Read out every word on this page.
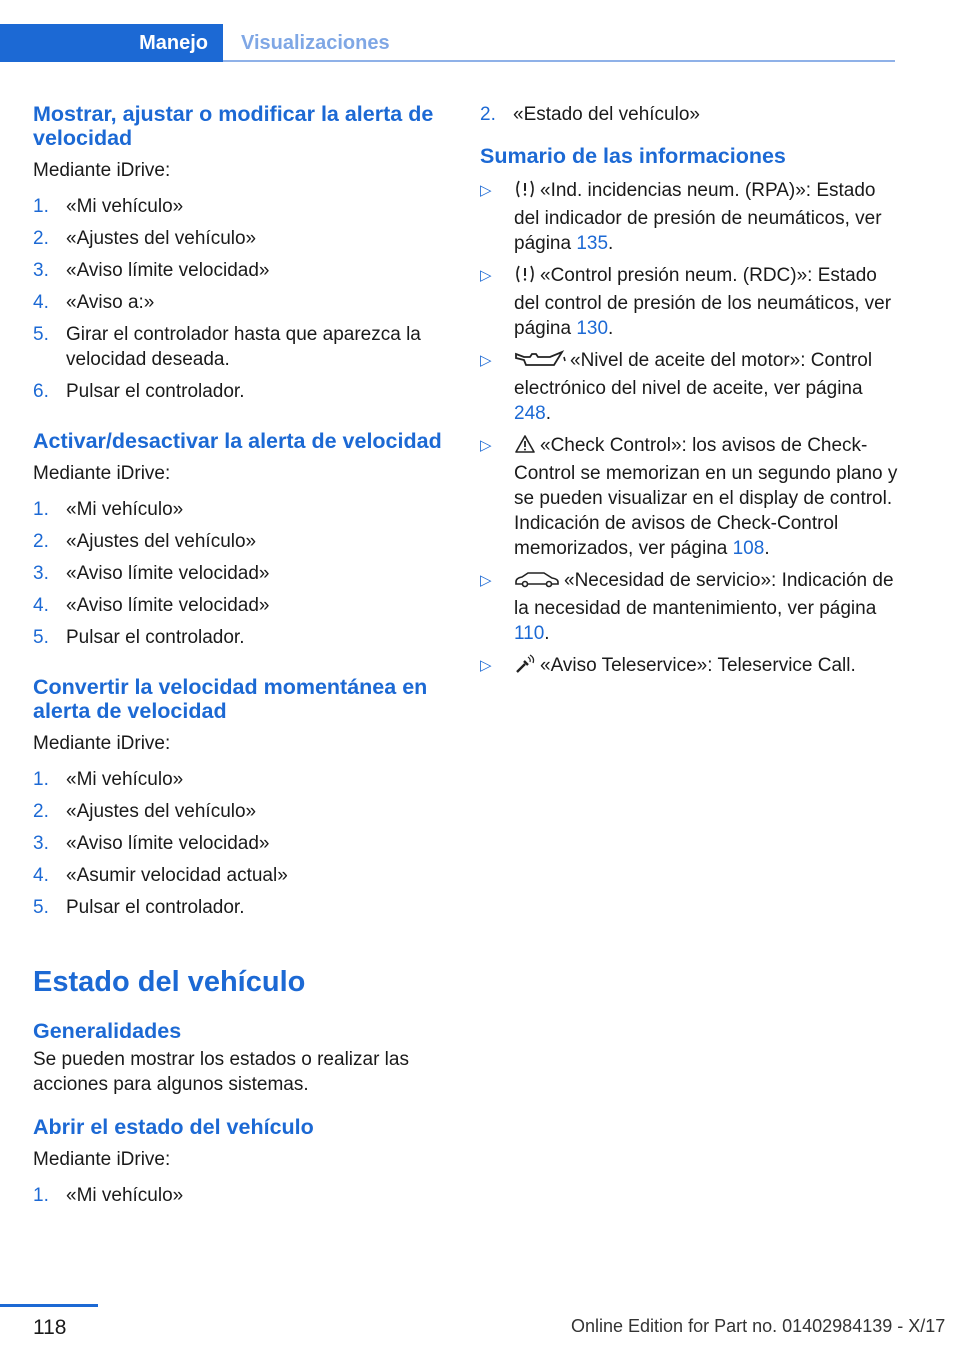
Manejo	Visualizaciones
Mostrar, ajustar o modificar la alerta de velocidad
Mediante iDrive:
1. «Mi vehículo»
2. «Ajustes del vehículo»
3. «Aviso límite velocidad»
4. «Aviso a:»
5. Girar el controlador hasta que aparezca la velocidad deseada.
6. Pulsar el controlador.
Activar/desactivar la alerta de velocidad
Mediante iDrive:
1. «Mi vehículo»
2. «Ajustes del vehículo»
3. «Aviso límite velocidad»
4. «Aviso límite velocidad»
5. Pulsar el controlador.
Convertir la velocidad momentánea en alerta de velocidad
Mediante iDrive:
1. «Mi vehículo»
2. «Ajustes del vehículo»
3. «Aviso límite velocidad»
4. «Asumir velocidad actual»
5. Pulsar el controlador.
Estado del vehículo
Generalidades
Se pueden mostrar los estados o realizar las acciones para algunos sistemas.
Abrir el estado del vehículo
Mediante iDrive:
1. «Mi vehículo»
2. «Estado del vehículo»
Sumario de las informaciones
▷	«Ind. incidencias neum. (RPA)»: Estado del indicador de presión de neumáticos, ver página 135.
▷	«Control presión neum. (RDC)»: Estado del control de presión de los neumáticos, ver página 130.
▷	«Nivel de aceite del motor»: Control electrónico del nivel de aceite, ver página 248.
▷	«Check Control»: los avisos de Check-Control se memorizan en un segundo plano y se pueden visualizar en el display de control. Indicación de avisos de Check-Control memorizados, ver página 108.
▷	«Necesidad de servicio»: Indicación de la necesidad de mantenimiento, ver página 110.
▷	«Aviso Teleservice»: Teleservice Call.
118	Online Edition for Part no. 01402984139 - X/17
